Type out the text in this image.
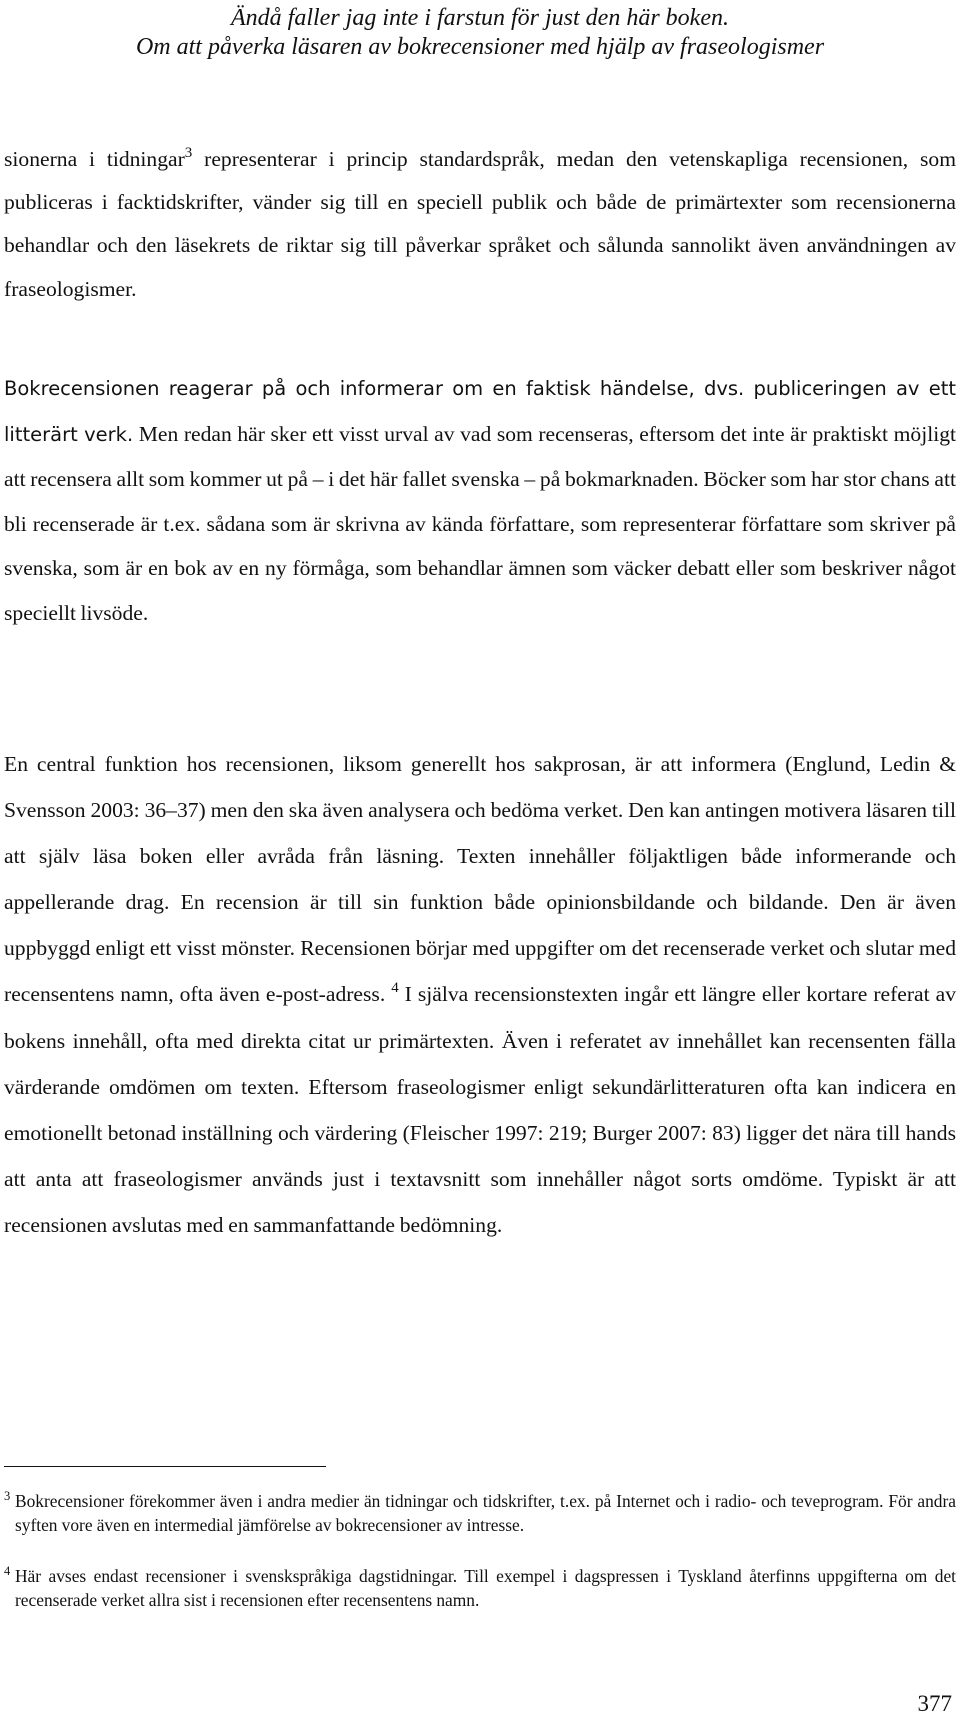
Ändå faller jag inte i farstun för just den här boken.
Om att påverka läsaren av bokrecensioner med hjälp av fraseologismer

sionerna i tidningar$^3$ representerar i princip standardspråk, medan den vetenskapliga recensionen, som publiceras i facktidskrifter, vänder sig till en speciell publik och både de primärtexter som recensionerna behandlar och den läsekrets de riktar sig till påverkar språket och sålunda sannolikt även användningen av fraseologismer.

Bokrecensionen reagerar på och informerar om en faktisk händelse, dvs. publiceringen av ett litterärt verk. Men redan här sker ett visst urval av vad som recenseras, eftersom det inte är praktiskt möjligt att recensera allt som kommer ut på – i det här fallet svenska – på bokmarknaden. Böcker som har stor chans att bli recenserade är t.ex. sådana som är skrivna av kända författare, som representerar författare som skriver på svenska, som är en bok av en ny förmåga, som behandlar ämnen som väcker debatt eller som beskriver något speciellt livsöde.

En central funktion hos recensionen, liksom generellt hos sakprosan, är att informera (Englund, Ledin & Svensson 2003: 36–37) men den ska även analysera och bedöma verket. Den kan antingen motivera läsaren till att själv läsa boken eller avråda från läsning. Texten innehåller följaktligen både informerande och appellerande drag. En recension är till sin funktion både opinionsbildande och bildande. Den är även uppbyggd enligt ett visst mönster. Recensionen börjar med uppgifter om det recenserade verket och slutar med recensentens namn, ofta även e-post-adress. $^4$ I själva recensionstexten ingår ett längre eller kortare referat av bokens innehåll, ofta med direkta citat ur primärtexten. Även i referatet av innehållet kan recensenten fälla värderande omdömen om texten. Eftersom fraseologismer enligt sekundärlitteraturen ofta kan indicera en emotionellt betonad inställning och värdering (Fleischer 1997: 219; Burger 2007: 83) ligger det nära till hands att anta att fraseologismer används just i textavsnitt som innehåller något sorts omdöme. Typiskt är att recensionen avslutas med en sammanfattande bedömning.

3 Bokrecensioner förekommer även i andra medier än tidningar och tidskrifter, t.ex. på Internet och i radio- och teveprogram. För andra syften vore även en intermedial jämförelse av bokrecensioner av intresse.

4 Här avses endast recensioner i svenskspråkiga dagstidningar. Till exempel i dagspressen i Tyskland återfinns uppgifterna om det recenserade verket allra sist i recensionen efter recensentens namn.

377
